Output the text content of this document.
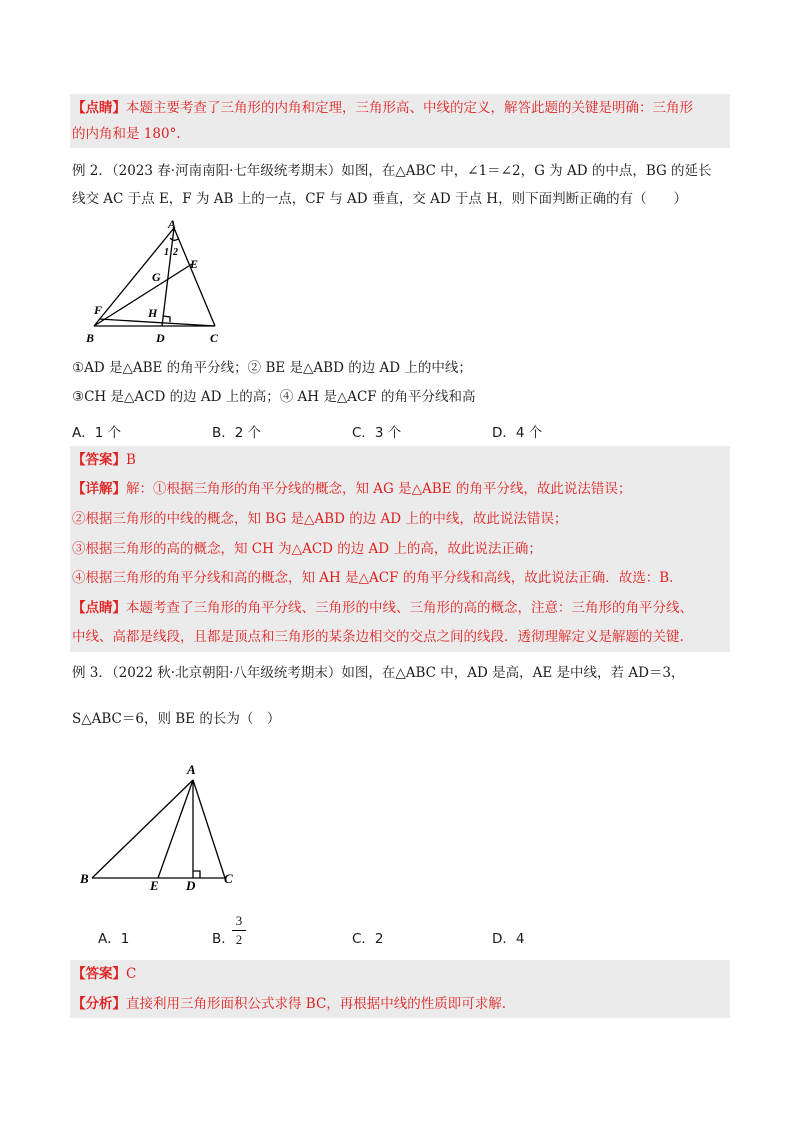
【点睛】本题主要考查了三角形的内角和定理，三角形高、中线的定义，解答此题的关键是明确：三角形
的内角和是 180°.
例 2．（2023 春·河南南阳·七年级统考期末）如图，在△ABC 中，∠1＝∠2，G 为 AD 的中点，BG 的延长
线交 AC 于点 E，F 为 AB 上的一点，CF 与 AD 垂直，交 AD 于点 H，则下面判断正确的有（　　）
A
1 2
E
G
F	H
B	D	C
①AD 是△ABE 的角平分线；② BE 是△ABD 的边 AD 上的中线；
③CH 是△ACD 的边 AD 上的高；④ AH 是△ACF 的角平分线和高
A．1 个	B．2 个	C．3 个	D．4 个
【答案】B
【详解】解：①根据三角形的角平分线的概念，知 AG 是△ABE 的角平分线，故此说法错误；
②根据三角形的中线的概念，知 BG 是△ABD 的边 AD 上的中线，故此说法错误；
③根据三角形的高的概念，知 CH 为△ACD 的边 AD 上的高，故此说法正确；
④根据三角形的角平分线和高的概念，知 AH 是△ACF 的角平分线和高线，故此说法正确．故选：B.
【点睛】本题考查了三角形的角平分线、三角形的中线、三角形的高的概念，注意：三角形的角平分线、
中线、高都是线段，且都是顶点和三角形的某条边相交的交点之间的线段．透彻理解定义是解题的关键.
例 3．（2022 秋·北京朝阳·八年级统考期末）如图，在△ABC 中，AD 是高，AE 是中线，若 AD＝3，
S△ABC＝6，则 BE 的长为（　）
A
B	E D C
A．1	B．
3
2	C．2	D．4
【答案】C
【分析】直接利用三角形面积公式求得 BC，再根据中线的性质即可求解.
